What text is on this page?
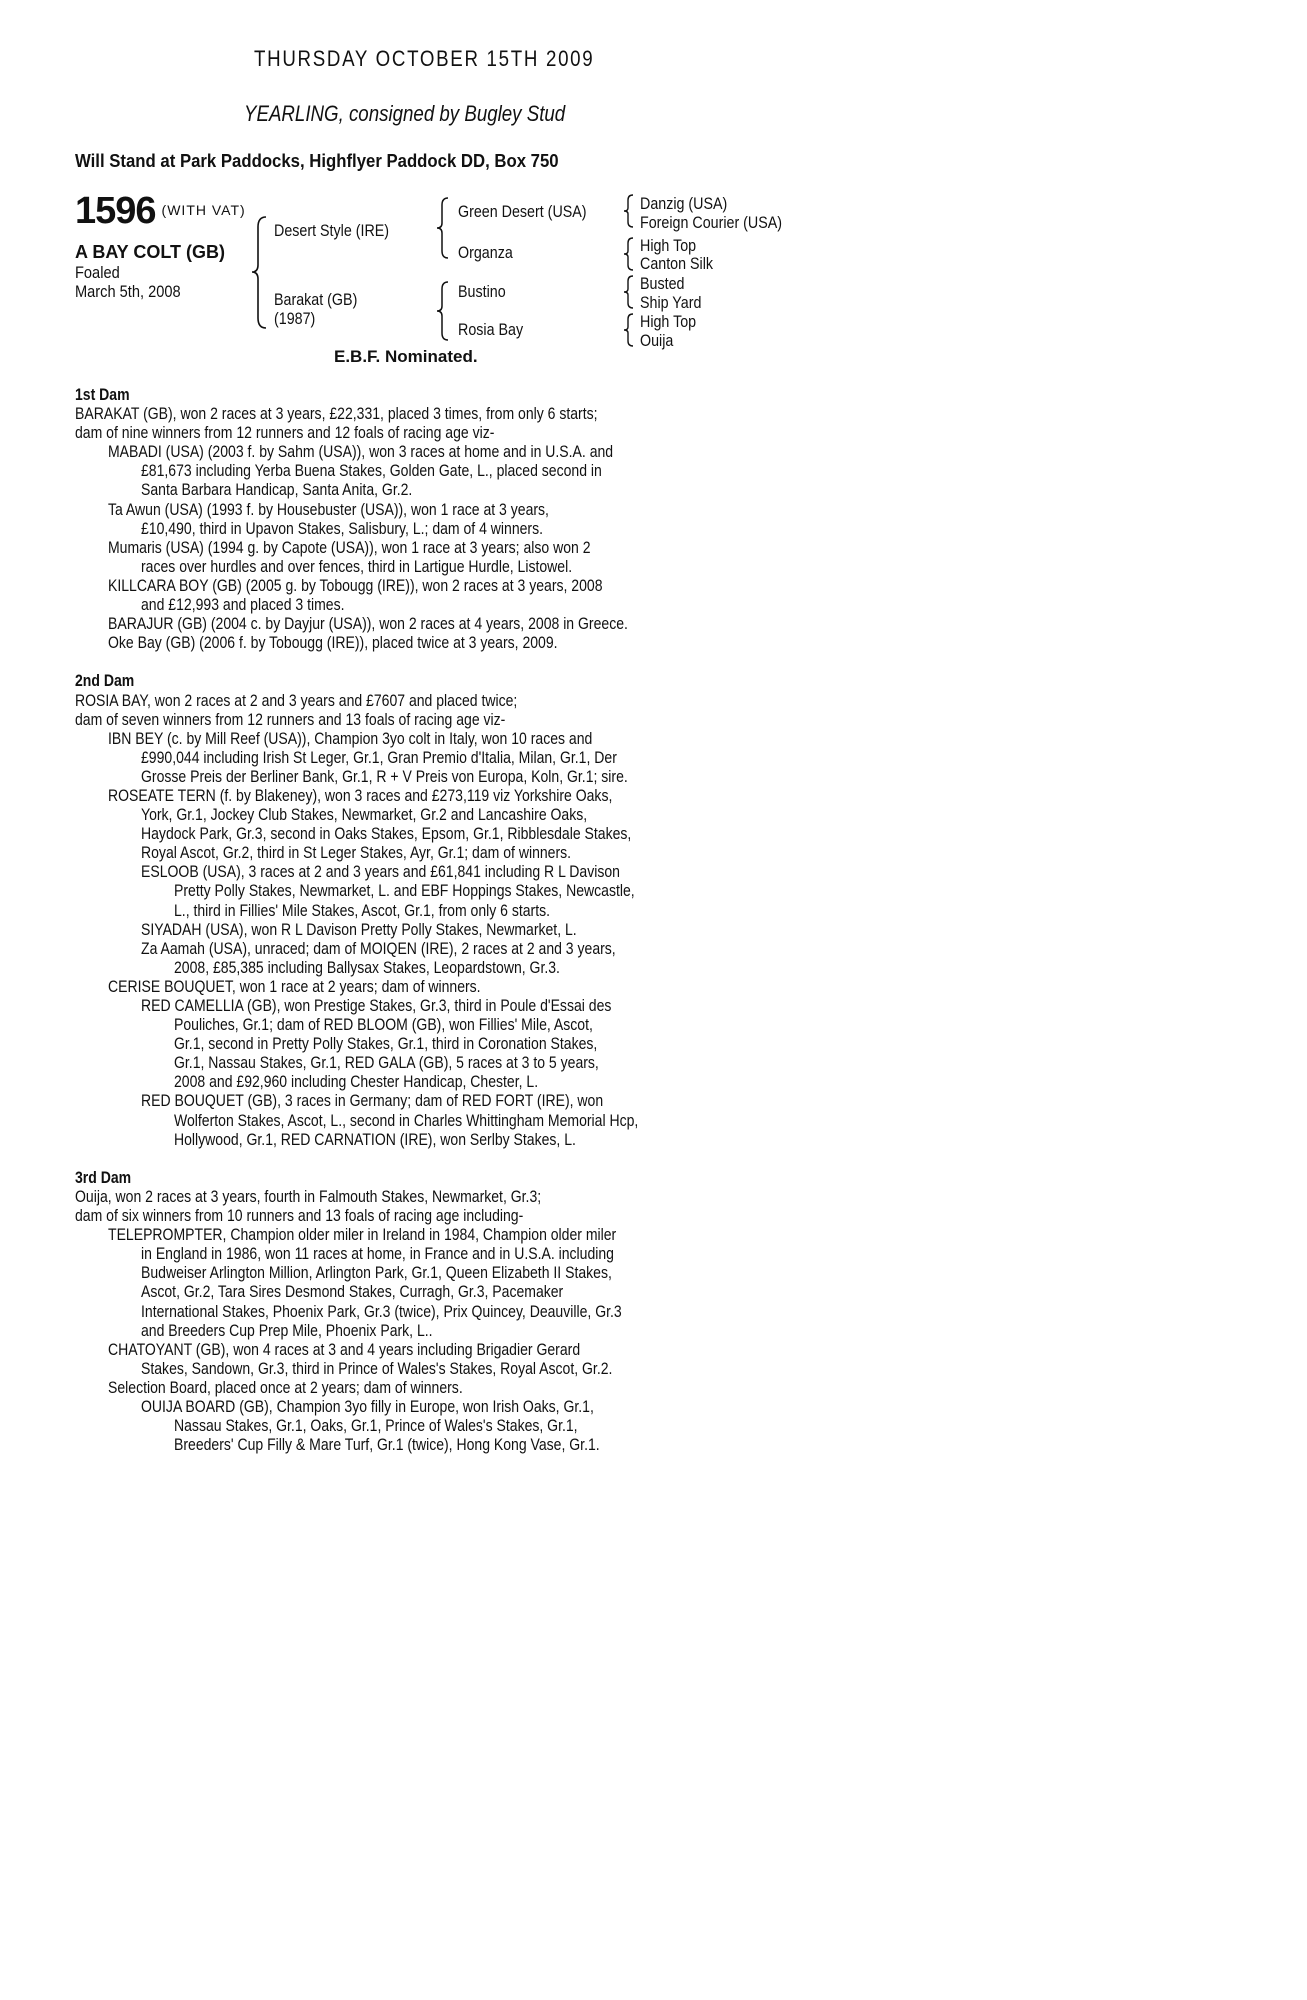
THURSDAY OCTOBER 15TH 2009
YEARLING, consigned by Bugley Stud
Will Stand at Park Paddocks, Highflyer Paddock DD, Box 750
1596 (WITH VAT)
A BAY COLT (GB)
Foaled
March 5th, 2008
Desert Style (IRE)
Barakat (GB)
(1987)
Green Desert (USA)
Organza
Bustino
Rosia Bay
Danzig (USA)
Foreign Courier (USA)
High Top
Canton Silk
Busted
Ship Yard
High Top
Ouija
E.B.F. Nominated.
1st Dam
BARAKAT (GB), won 2 races at 3 years, £22,331, placed 3 times, from only 6 starts;
dam of nine winners from 12 runners and 12 foals of racing age viz-
MABADI (USA) (2003 f. by Sahm (USA)), won 3 races at home and in U.S.A. and
£81,673 including Yerba Buena Stakes, Golden Gate, L., placed second in
Santa Barbara Handicap, Santa Anita, Gr.2.
Ta Awun (USA) (1993 f. by Housebuster (USA)), won 1 race at 3 years,
£10,490, third in Upavon Stakes, Salisbury, L.; dam of 4 winners.
Mumaris (USA) (1994 g. by Capote (USA)), won 1 race at 3 years; also won 2
races over hurdles and over fences, third in Lartigue Hurdle, Listowel.
KILLCARA BOY (GB) (2005 g. by Tobougg (IRE)), won 2 races at 3 years, 2008
and £12,993 and placed 3 times.
BARAJUR (GB) (2004 c. by Dayjur (USA)), won 2 races at 4 years, 2008 in Greece.
Oke Bay (GB) (2006 f. by Tobougg (IRE)), placed twice at 3 years, 2009.
2nd Dam
ROSIA BAY, won 2 races at 2 and 3 years and £7607 and placed twice;
dam of seven winners from 12 runners and 13 foals of racing age viz-
IBN BEY (c. by Mill Reef (USA)), Champion 3yo colt in Italy, won 10 races and
£990,044 including Irish St Leger, Gr.1, Gran Premio d'Italia, Milan, Gr.1, Der
Grosse Preis der Berliner Bank, Gr.1, R + V Preis von Europa, Koln, Gr.1; sire.
ROSEATE TERN (f. by Blakeney), won 3 races and £273,119 viz Yorkshire Oaks,
York, Gr.1, Jockey Club Stakes, Newmarket, Gr.2 and Lancashire Oaks,
Haydock Park, Gr.3, second in Oaks Stakes, Epsom, Gr.1, Ribblesdale Stakes,
Royal Ascot, Gr.2, third in St Leger Stakes, Ayr, Gr.1; dam of winners.
ESLOOB (USA), 3 races at 2 and 3 years and £61,841 including R L Davison
Pretty Polly Stakes, Newmarket, L. and EBF Hoppings Stakes, Newcastle,
L., third in Fillies' Mile Stakes, Ascot, Gr.1, from only 6 starts.
SIYADAH (USA), won R L Davison Pretty Polly Stakes, Newmarket, L.
Za Aamah (USA), unraced; dam of MOIQEN (IRE), 2 races at 2 and 3 years,
2008, £85,385 including Ballysax Stakes, Leopardstown, Gr.3.
CERISE BOUQUET, won 1 race at 2 years; dam of winners.
RED CAMELLIA (GB), won Prestige Stakes, Gr.3, third in Poule d'Essai des
Pouliches, Gr.1; dam of RED BLOOM (GB), won Fillies' Mile, Ascot,
Gr.1, second in Pretty Polly Stakes, Gr.1, third in Coronation Stakes,
Gr.1, Nassau Stakes, Gr.1, RED GALA (GB), 5 races at 3 to 5 years,
2008 and £92,960 including Chester Handicap, Chester, L.
RED BOUQUET (GB), 3 races in Germany; dam of RED FORT (IRE), won
Wolferton Stakes, Ascot, L., second in Charles Whittingham Memorial Hcp,
Hollywood, Gr.1, RED CARNATION (IRE), won Serlby Stakes, L.
3rd Dam
Ouija, won 2 races at 3 years, fourth in Falmouth Stakes, Newmarket, Gr.3;
dam of six winners from 10 runners and 13 foals of racing age including-
TELEPROMPTER, Champion older miler in Ireland in 1984, Champion older miler
in England in 1986, won 11 races at home, in France and in U.S.A. including
Budweiser Arlington Million, Arlington Park, Gr.1, Queen Elizabeth II Stakes,
Ascot, Gr.2, Tara Sires Desmond Stakes, Curragh, Gr.3, Pacemaker
International Stakes, Phoenix Park, Gr.3 (twice), Prix Quincey, Deauville, Gr.3
and Breeders Cup Prep Mile, Phoenix Park, L..
CHATOYANT (GB), won 4 races at 3 and 4 years including Brigadier Gerard
Stakes, Sandown, Gr.3, third in Prince of Wales's Stakes, Royal Ascot, Gr.2.
Selection Board, placed once at 2 years; dam of winners.
OUIJA BOARD (GB), Champion 3yo filly in Europe, won Irish Oaks, Gr.1,
Nassau Stakes, Gr.1, Oaks, Gr.1, Prince of Wales's Stakes, Gr.1,
Breeders' Cup Filly & Mare Turf, Gr.1 (twice), Hong Kong Vase, Gr.1.
